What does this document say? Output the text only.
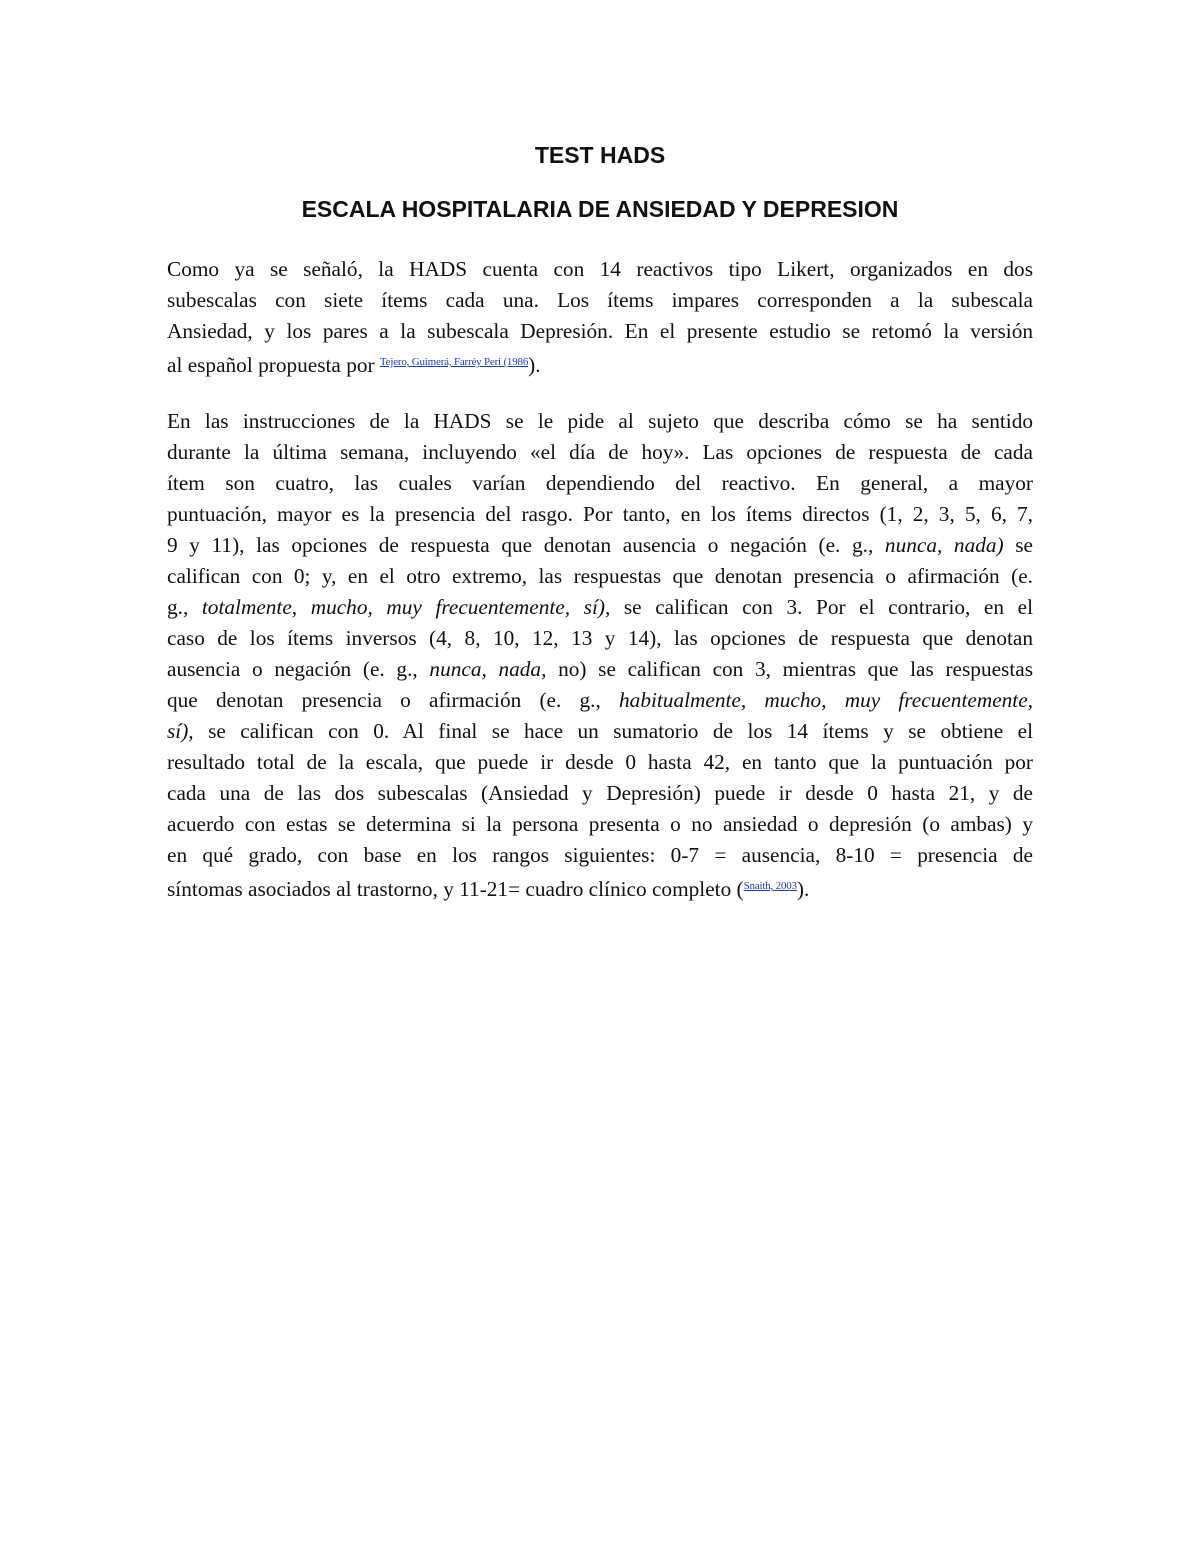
TEST HADS
ESCALA HOSPITALARIA DE ANSIEDAD Y DEPRESION
Como ya se señaló, la HADS cuenta con 14 reactivos tipo Likert, organizados en dos
subescalas con siete ítems cada una. Los ítems impares corresponden a la subescala
Ansiedad, y los pares a la subescala Depresión. En el presente estudio se retomó la versión
al español propuesta por $^{Tejero, Guimerá, Farréy Peri (1986}$).
En las instrucciones de la HADS se le pide al sujeto que describa cómo se ha sentido
durante la última semana, incluyendo «el día de hoy». Las opciones de respuesta de cada
ítem son cuatro, las cuales varían dependiendo del reactivo. En general, a mayor
puntuación, mayor es la presencia del rasgo. Por tanto, en los ítems directos (1, 2, 3, 5, 6, 7,
9 y 11), las opciones de respuesta que denotan ausencia o negación (e. g., nunca, nada) se
califican con 0; y, en el otro extremo, las respuestas que denotan presencia o afirmación (e.
g., totalmente, mucho, muy frecuentemente, sí), se califican con 3. Por el contrario, en el
caso de los ítems inversos (4, 8, 10, 12, 13 y 14), las opciones de respuesta que denotan
ausencia o negación (e. g., nunca, nada, no) se califican con 3, mientras que las respuestas
que denotan presencia o afirmación (e. g., habitualmente, mucho, muy frecuentemente,
sí), se califican con 0. Al final se hace un sumatorio de los 14 ítems y se obtiene el
resultado total de la escala, que puede ir desde 0 hasta 42, en tanto que la puntuación por
cada una de las dos subescalas (Ansiedad y Depresión) puede ir desde 0 hasta 21, y de
acuerdo con estas se determina si la persona presenta o no ansiedad o depresión (o ambas) y
en qué grado, con base en los rangos siguientes: 0-7 = ausencia, 8-10 = presencia de
síntomas asociados al trastorno, y 11-21= cuadro clínico completo ($^{Snaith, 2003}$).
